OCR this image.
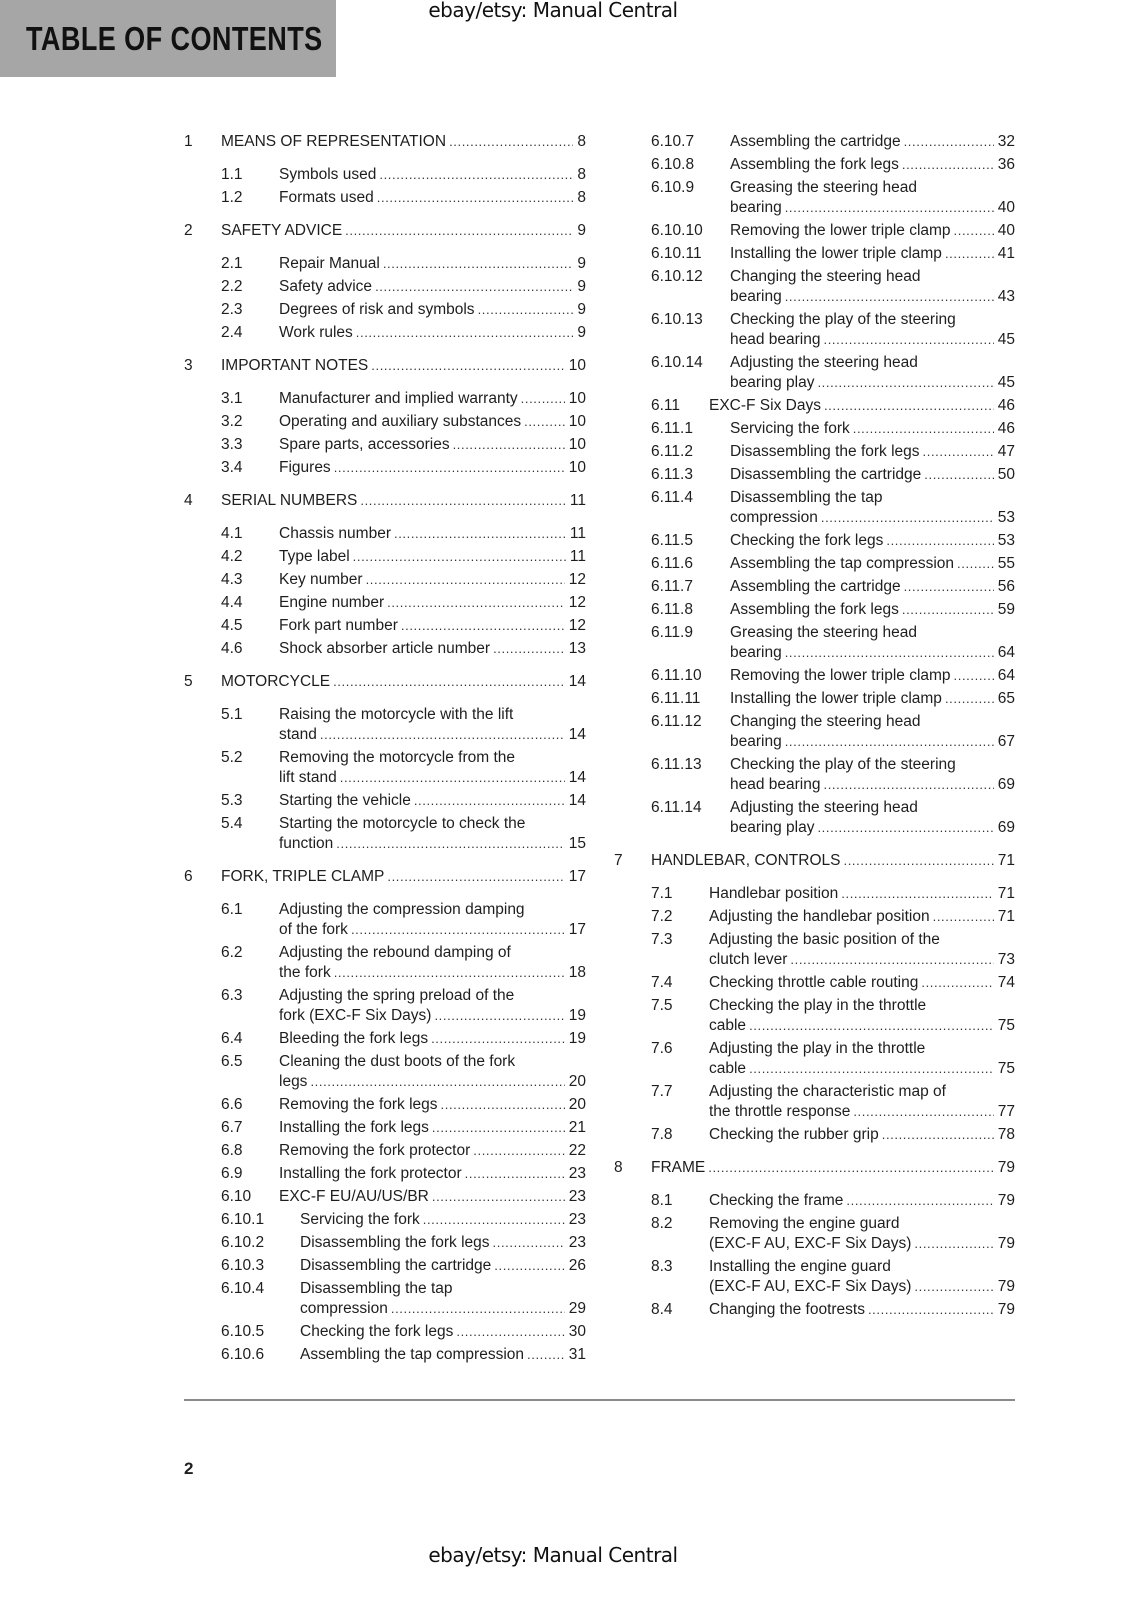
TABLE OF CONTENTS
ebay/etsy: Manual Central
1 MEANS OF REPRESENTATION .....	8
1.1 Symbols used .....	8
1.2 Formats used .....	8
2 SAFETY ADVICE .....	9
2.1 Repair Manual .....	9
2.2 Safety advice .....	9
2.3 Degrees of risk and symbols .....	9
2.4 Work rules .....	9
3 IMPORTANT NOTES .....	10
3.1 Manufacturer and implied warranty .....	10
3.2 Operating and auxiliary substances .....	10
3.3 Spare parts, accessories .....	10
3.4 Figures .....	10
4 SERIAL NUMBERS .....	11
4.1 Chassis number .....	11
4.2 Type label .....	11
4.3 Key number .....	12
4.4 Engine number .....	12
4.5 Fork part number .....	12
4.6 Shock absorber article number .....	13
5 MOTORCYCLE .....	14
5.1 Raising the motorcycle with the lift
stand .....	14
5.2 Removing the motorcycle from the
lift stand .....	14
5.3 Starting the vehicle .....	14
5.4 Starting the motorcycle to check the
function .....	15
6 FORK, TRIPLE CLAMP .....	17
6.1 Adjusting the compression damping
of the fork .....	17
6.2 Adjusting the rebound damping of
the fork .....	18
6.3 Adjusting the spring preload of the
fork (EXC-F Six Days) .....	19
6.4 Bleeding the fork legs .....	19
6.5 Cleaning the dust boots of the fork
legs .....	20
6.6 Removing the fork legs .....	20
6.7 Installing the fork legs .....	21
6.8 Removing the fork protector .....	22
6.9 Installing the fork protector .....	23
6.10 EXC-F EU/AU/US/BR .....	23
6.10.1 Servicing the fork .....	23
6.10.2 Disassembling the fork legs .....	23
6.10.3 Disassembling the cartridge .....	26
6.10.4 Disassembling the tap
compression .....	29
6.10.5 Checking the fork legs .....	30
6.10.6 Assembling the tap compression .....	31
6.10.7 Assembling the cartridge .....	32
6.10.8 Assembling the fork legs .....	36
6.10.9 Greasing the steering head
bearing .....	40
6.10.10 Removing the lower triple clamp .....	40
6.10.11 Installing the lower triple clamp .....	41
6.10.12 Changing the steering head
bearing .....	43
6.10.13 Checking the play of the steering
head bearing .....	45
6.10.14 Adjusting the steering head
bearing play .....	45
6.11 EXC-F Six Days .....	46
6.11.1 Servicing the fork .....	46
6.11.2 Disassembling the fork legs .....	47
6.11.3 Disassembling the cartridge .....	50
6.11.4 Disassembling the tap
compression .....	53
6.11.5 Checking the fork legs .....	53
6.11.6 Assembling the tap compression .....	55
6.11.7 Assembling the cartridge .....	56
6.11.8 Assembling the fork legs .....	59
6.11.9 Greasing the steering head
bearing .....	64
6.11.10 Removing the lower triple clamp .....	64
6.11.11 Installing the lower triple clamp .....	65
6.11.12 Changing the steering head
bearing .....	67
6.11.13 Checking the play of the steering
head bearing .....	69
6.11.14 Adjusting the steering head
bearing play .....	69
7 HANDLEBAR, CONTROLS .....	71
7.1 Handlebar position .....	71
7.2 Adjusting the handlebar position .....	71
7.3 Adjusting the basic position of the
clutch lever .....	73
7.4 Checking throttle cable routing .....	74
7.5 Checking the play in the throttle
cable .....	75
7.6 Adjusting the play in the throttle
cable .....	75
7.7 Adjusting the characteristic map of
the throttle response .....	77
7.8 Checking the rubber grip .....	78
8 FRAME .....	79
8.1 Checking the frame .....	79
8.2 Removing the engine guard
(EXC-F AU, EXC-F Six Days) .....	79
8.3 Installing the engine guard
(EXC-F AU, EXC-F Six Days) .....	79
8.4 Changing the footrests .....	79
2
ebay/etsy: Manual Central
